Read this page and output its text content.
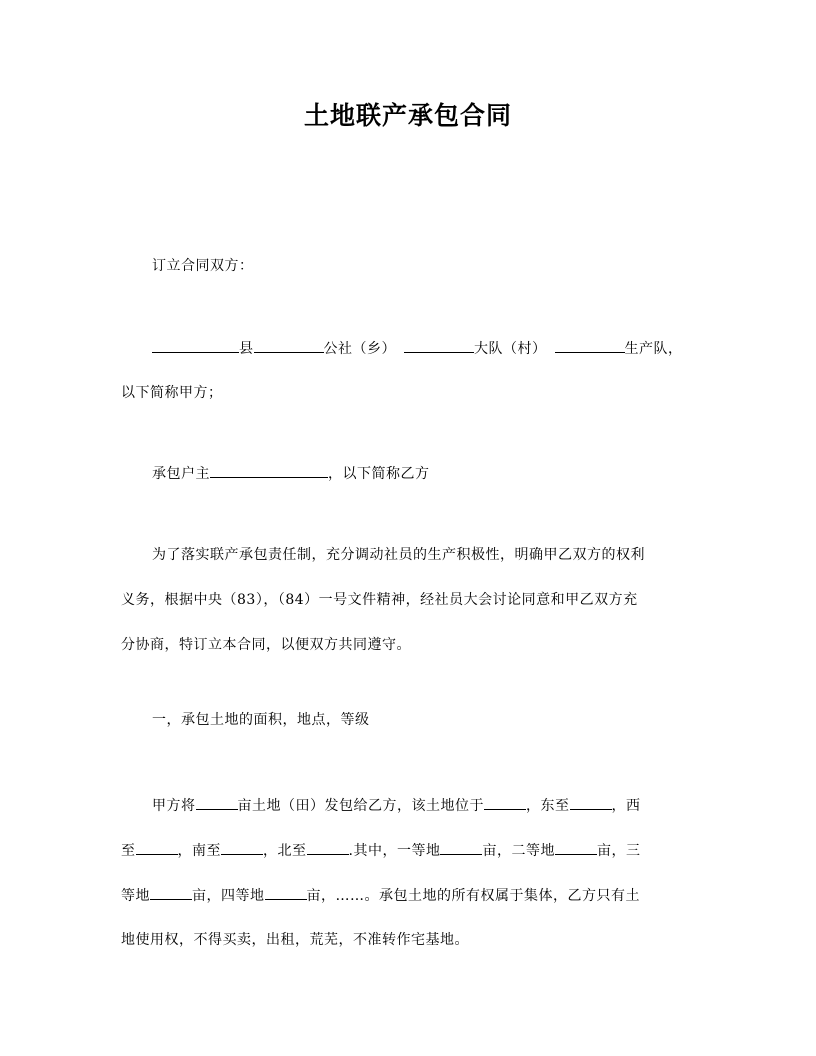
土地联产承包合同
订立合同双方：
县	公社（乡）	大队（村）	生产队，
以下简称甲方；
承包户主	，以下简称乙方
为了落实联产承包责任制，充分调动社员的生产积极性，明确甲乙双方的权利
义务，根据中央（83），（84）一号文件精神，经社员大会讨论同意和甲乙双方充
分协商，特订立本合同，以便双方共同遵守。
一，承包土地的面积，地点，等级
甲方将	亩土地（田）发包给乙方，该土地位于	，东至	，西
至	，南至	，北至	.其中，一等地	亩，二等地	亩，三
等地	亩，四等地	亩，……。承包土地的所有权属于集体，乙方只有土
地使用权，不得买卖，出租，荒芜，不准转作宅基地。
